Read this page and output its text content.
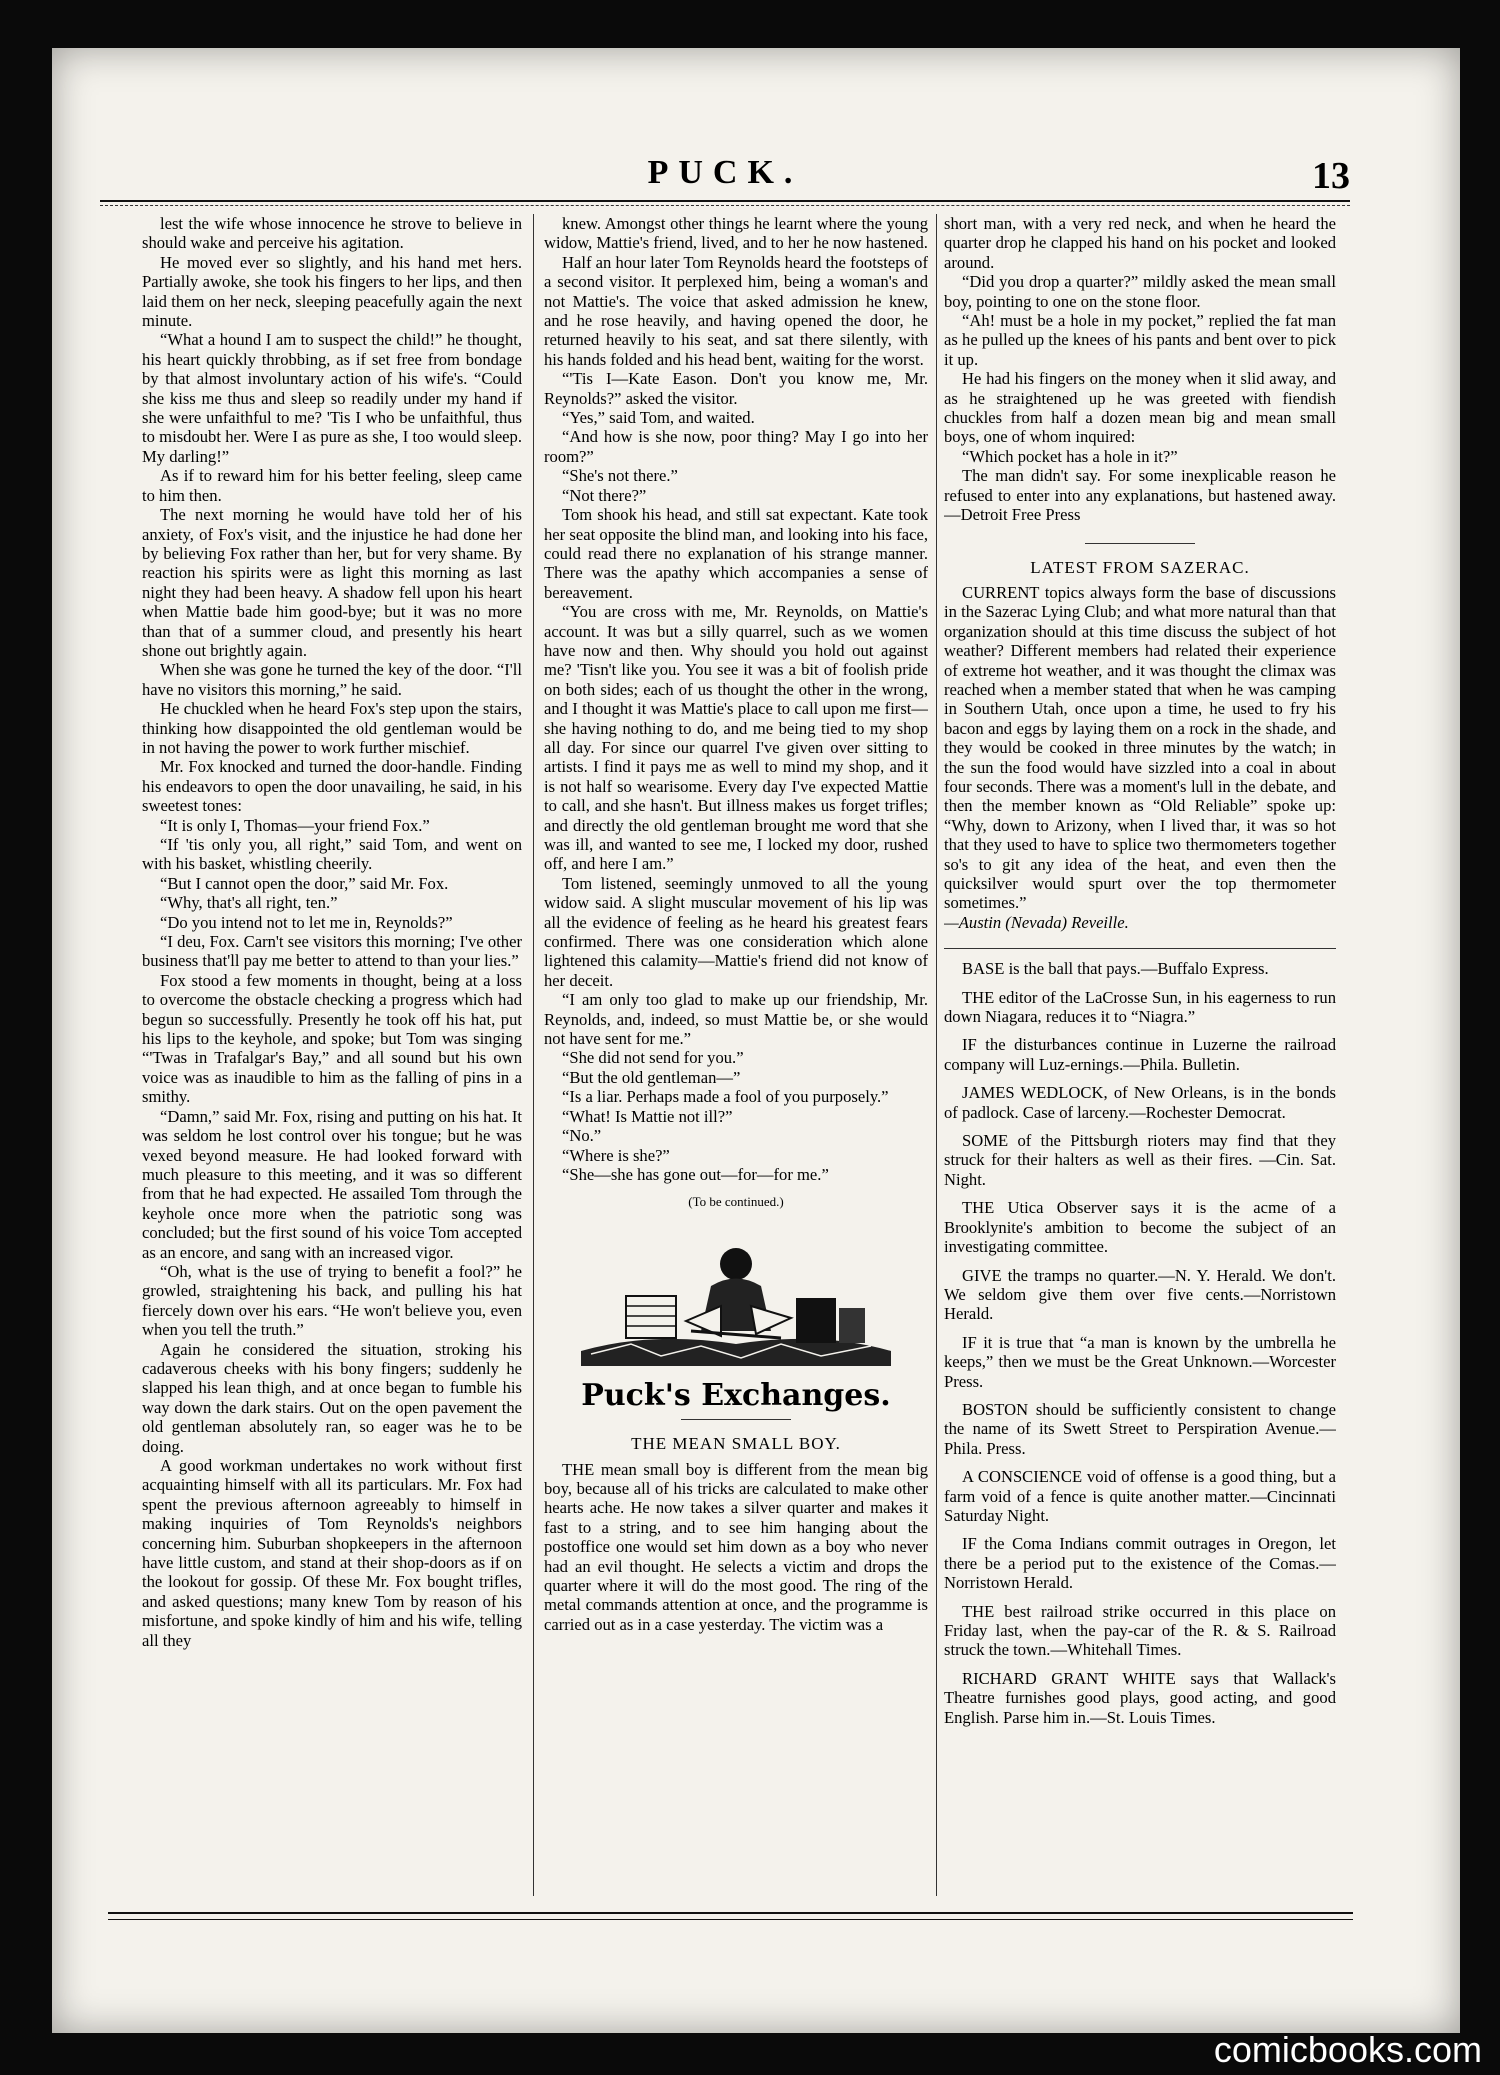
PUCK.	13

lest the wife whose innocence he strove to believe in should wake and perceive his agitation.

He moved ever so slightly, and his hand met hers. Partially awoke, she took his fingers to her lips, and then laid them on her neck, sleeping peacefully again the next minute.

“What a hound I am to suspect the child!” he thought, his heart quickly throbbing, as if set free from bondage by that almost involuntary action of his wife's. “Could she kiss me thus and sleep so readily under my hand if she were unfaithful to me? 'Tis I who be unfaithful, thus to misdoubt her. Were I as pure as she, I too would sleep. My darling!”

As if to reward him for his better feeling, sleep came to him then.

The next morning he would have told her of his anxiety, of Fox's visit, and the injustice he had done her by believing Fox rather than her, but for very shame. By reaction his spirits were as light this morning as last night they had been heavy. A shadow fell upon his heart when Mattie bade him good-bye; but it was no more than that of a summer cloud, and presently his heart shone out brightly again.

When she was gone he turned the key of the door. “I'll have no visitors this morning,” he said.

He chuckled when he heard Fox's step upon the stairs, thinking how disappointed the old gentleman would be in not having the power to work further mischief.

Mr. Fox knocked and turned the door-handle. Finding his endeavors to open the door unavailing, he said, in his sweetest tones:

“It is only I, Thomas—your friend Fox.”

“If 'tis only you, all right,” said Tom, and went on with his basket, whistling cheerily.

“But I cannot open the door,” said Mr. Fox.

“Why, that's all right, ten.”

“Do you intend not to let me in, Reynolds?”

“I deu, Fox. Carn't see visitors this morning; I've other business that'll pay me better to attend to than your lies.”

Fox stood a few moments in thought, being at a loss to overcome the obstacle checking a progress which had begun so successfully. Presently he took off his hat, put his lips to the keyhole, and spoke; but Tom was singing “'Twas in Trafalgar's Bay,” and all sound but his own voice was as inaudible to him as the falling of pins in a smithy.

“Damn,” said Mr. Fox, rising and putting on his hat. It was seldom he lost control over his tongue; but he was vexed beyond measure. He had looked forward with much pleasure to this meeting, and it was so different from that he had expected. He assailed Tom through the keyhole once more when the patriotic song was concluded; but the first sound of his voice Tom accepted as an encore, and sang with an increased vigor.

“Oh, what is the use of trying to benefit a fool?” he growled, straightening his back, and pulling his hat fiercely down over his ears. “He won't believe you, even when you tell the truth.”

Again he considered the situation, stroking his cadaverous cheeks with his bony fingers; suddenly he slapped his lean thigh, and at once began to fumble his way down the dark stairs. Out on the open pavement the old gentleman absolutely ran, so eager was he to be doing.

A good workman undertakes no work without first acquainting himself with all its particulars. Mr. Fox had spent the previous afternoon agreeably to himself in making inquiries of Tom Reynolds's neighbors concerning him. Suburban shopkeepers in the afternoon have little custom, and stand at their shop-doors as if on the lookout for gossip. Of these Mr. Fox bought trifles, and asked questions; many knew Tom by reason of his misfortune, and spoke kindly of him and his wife, telling all they

knew. Amongst other things he learnt where the young widow, Mattie's friend, lived, and to her he now hastened.

Half an hour later Tom Reynolds heard the footsteps of a second visitor. It perplexed him, being a woman's and not Mattie's. The voice that asked admission he knew, and he rose heavily, and having opened the door, he returned heavily to his seat, and sat there silently, with his hands folded and his head bent, waiting for the worst.

“'Tis I—Kate Eason. Don't you know me, Mr. Reynolds?” asked the visitor.

“Yes,” said Tom, and waited.

“And how is she now, poor thing? May I go into her room?”

“She's not there.”

“Not there?”

Tom shook his head, and still sat expectant. Kate took her seat opposite the blind man, and looking into his face, could read there no explanation of his strange manner. There was the apathy which accompanies a sense of bereavement.

“You are cross with me, Mr. Reynolds, on Mattie's account. It was but a silly quarrel, such as we women have now and then. Why should you hold out against me? 'Tisn't like you. You see it was a bit of foolish pride on both sides; each of us thought the other in the wrong, and I thought it was Mattie's place to call upon me first—she having nothing to do, and me being tied to my shop all day. For since our quarrel I've given over sitting to artists. I find it pays me as well to mind my shop, and it is not half so wearisome. Every day I've expected Mattie to call, and she hasn't. But illness makes us forget trifles; and directly the old gentleman brought me word that she was ill, and wanted to see me, I locked my door, rushed off, and here I am.”

Tom listened, seemingly unmoved to all the young widow said. A slight muscular movement of his lip was all the evidence of feeling as he heard his greatest fears confirmed. There was one consideration which alone lightened this calamity—Mattie's friend did not know of her deceit.

“I am only too glad to make up our friendship, Mr. Reynolds, and, indeed, so must Mattie be, or she would not have sent for me.”

“She did not send for you.”

“But the old gentleman—”

“Is a liar. Perhaps made a fool of you purposely.”

“What! Is Mattie not ill?”

“No.”

“Where is she?”

“She—she has gone out—for—for me.”

(To be continued.)

Puck's Exchanges.
THE MEAN SMALL BOY.

THE mean small boy is different from the mean big boy, because all of his tricks are calculated to make other hearts ache. He now takes a silver quarter and makes it fast to a string, and to see him hanging about the postoffice one would set him down as a boy who never had an evil thought. He selects a victim and drops the quarter where it will do the most good. The ring of the metal commands attention at once, and the programme is carried out as in a case yesterday. The victim was a

short man, with a very red neck, and when he heard the quarter drop he clapped his hand on his pocket and looked around.

“Did you drop a quarter?” mildly asked the mean small boy, pointing to one on the stone floor.

“Ah! must be a hole in my pocket,” replied the fat man as he pulled up the knees of his pants and bent over to pick it up.

He had his fingers on the money when it slid away, and as he straightened up he was greeted with fiendish chuckles from half a dozen mean big and mean small boys, one of whom inquired:

“Which pocket has a hole in it?”

The man didn't say. For some inexplicable reason he refused to enter into any explanations, but hastened away.—Detroit Free Press

LATEST FROM SAZERAC.

CURRENT topics always form the base of discussions in the Sazerac Lying Club; and what more natural than that organization should at this time discuss the subject of hot weather? Different members had related their experience of extreme hot weather, and it was thought the climax was reached when a member stated that when he was camping in Southern Utah, once upon a time, he used to fry his bacon and eggs by laying them on a rock in the shade, and they would be cooked in three minutes by the watch; in the sun the food would have sizzled into a coal in about four seconds. There was a moment's lull in the debate, and then the member known as “Old Reliable” spoke up: “Why, down to Arizony, when I lived thar, it was so hot that they used to have to splice two thermometers together so's to git any idea of the heat, and even then the quicksilver would spurt over the top thermometer sometimes.”

—Austin (Nevada) Reveille.

BASE is the ball that pays.—Buffalo Express.

THE editor of the LaCrosse Sun, in his eagerness to run down Niagara, reduces it to “Niagra.”

IF the disturbances continue in Luzerne the railroad company will Luz-ernings.—Phila. Bulletin.

JAMES WEDLOCK, of New Orleans, is in the bonds of padlock. Case of larceny.—Rochester Democrat.

SOME of the Pittsburgh rioters may find that they struck for their halters as well as their fires. —Cin. Sat. Night.

THE Utica Observer says it is the acme of a Brooklynite's ambition to become the subject of an investigating committee.

GIVE the tramps no quarter.—N. Y. Herald. We don't. We seldom give them over five cents.—Norristown Herald.

IF it is true that “a man is known by the umbrella he keeps,” then we must be the Great Unknown.—Worcester Press.

BOSTON should be sufficiently consistent to change the name of its Swett Street to Perspiration Avenue.—Phila. Press.

A CONSCIENCE void of offense is a good thing, but a farm void of a fence is quite another matter.—Cincinnati Saturday Night.

IF the Coma Indians commit outrages in Oregon, let there be a period put to the existence of the Comas.—Norristown Herald.

THE best railroad strike occurred in this place on Friday last, when the pay-car of the R. & S. Railroad struck the town.—Whitehall Times.

RICHARD GRANT WHITE says that Wallack's Theatre furnishes good plays, good acting, and good English. Parse him in.—St. Louis Times.

comicbooks.com
